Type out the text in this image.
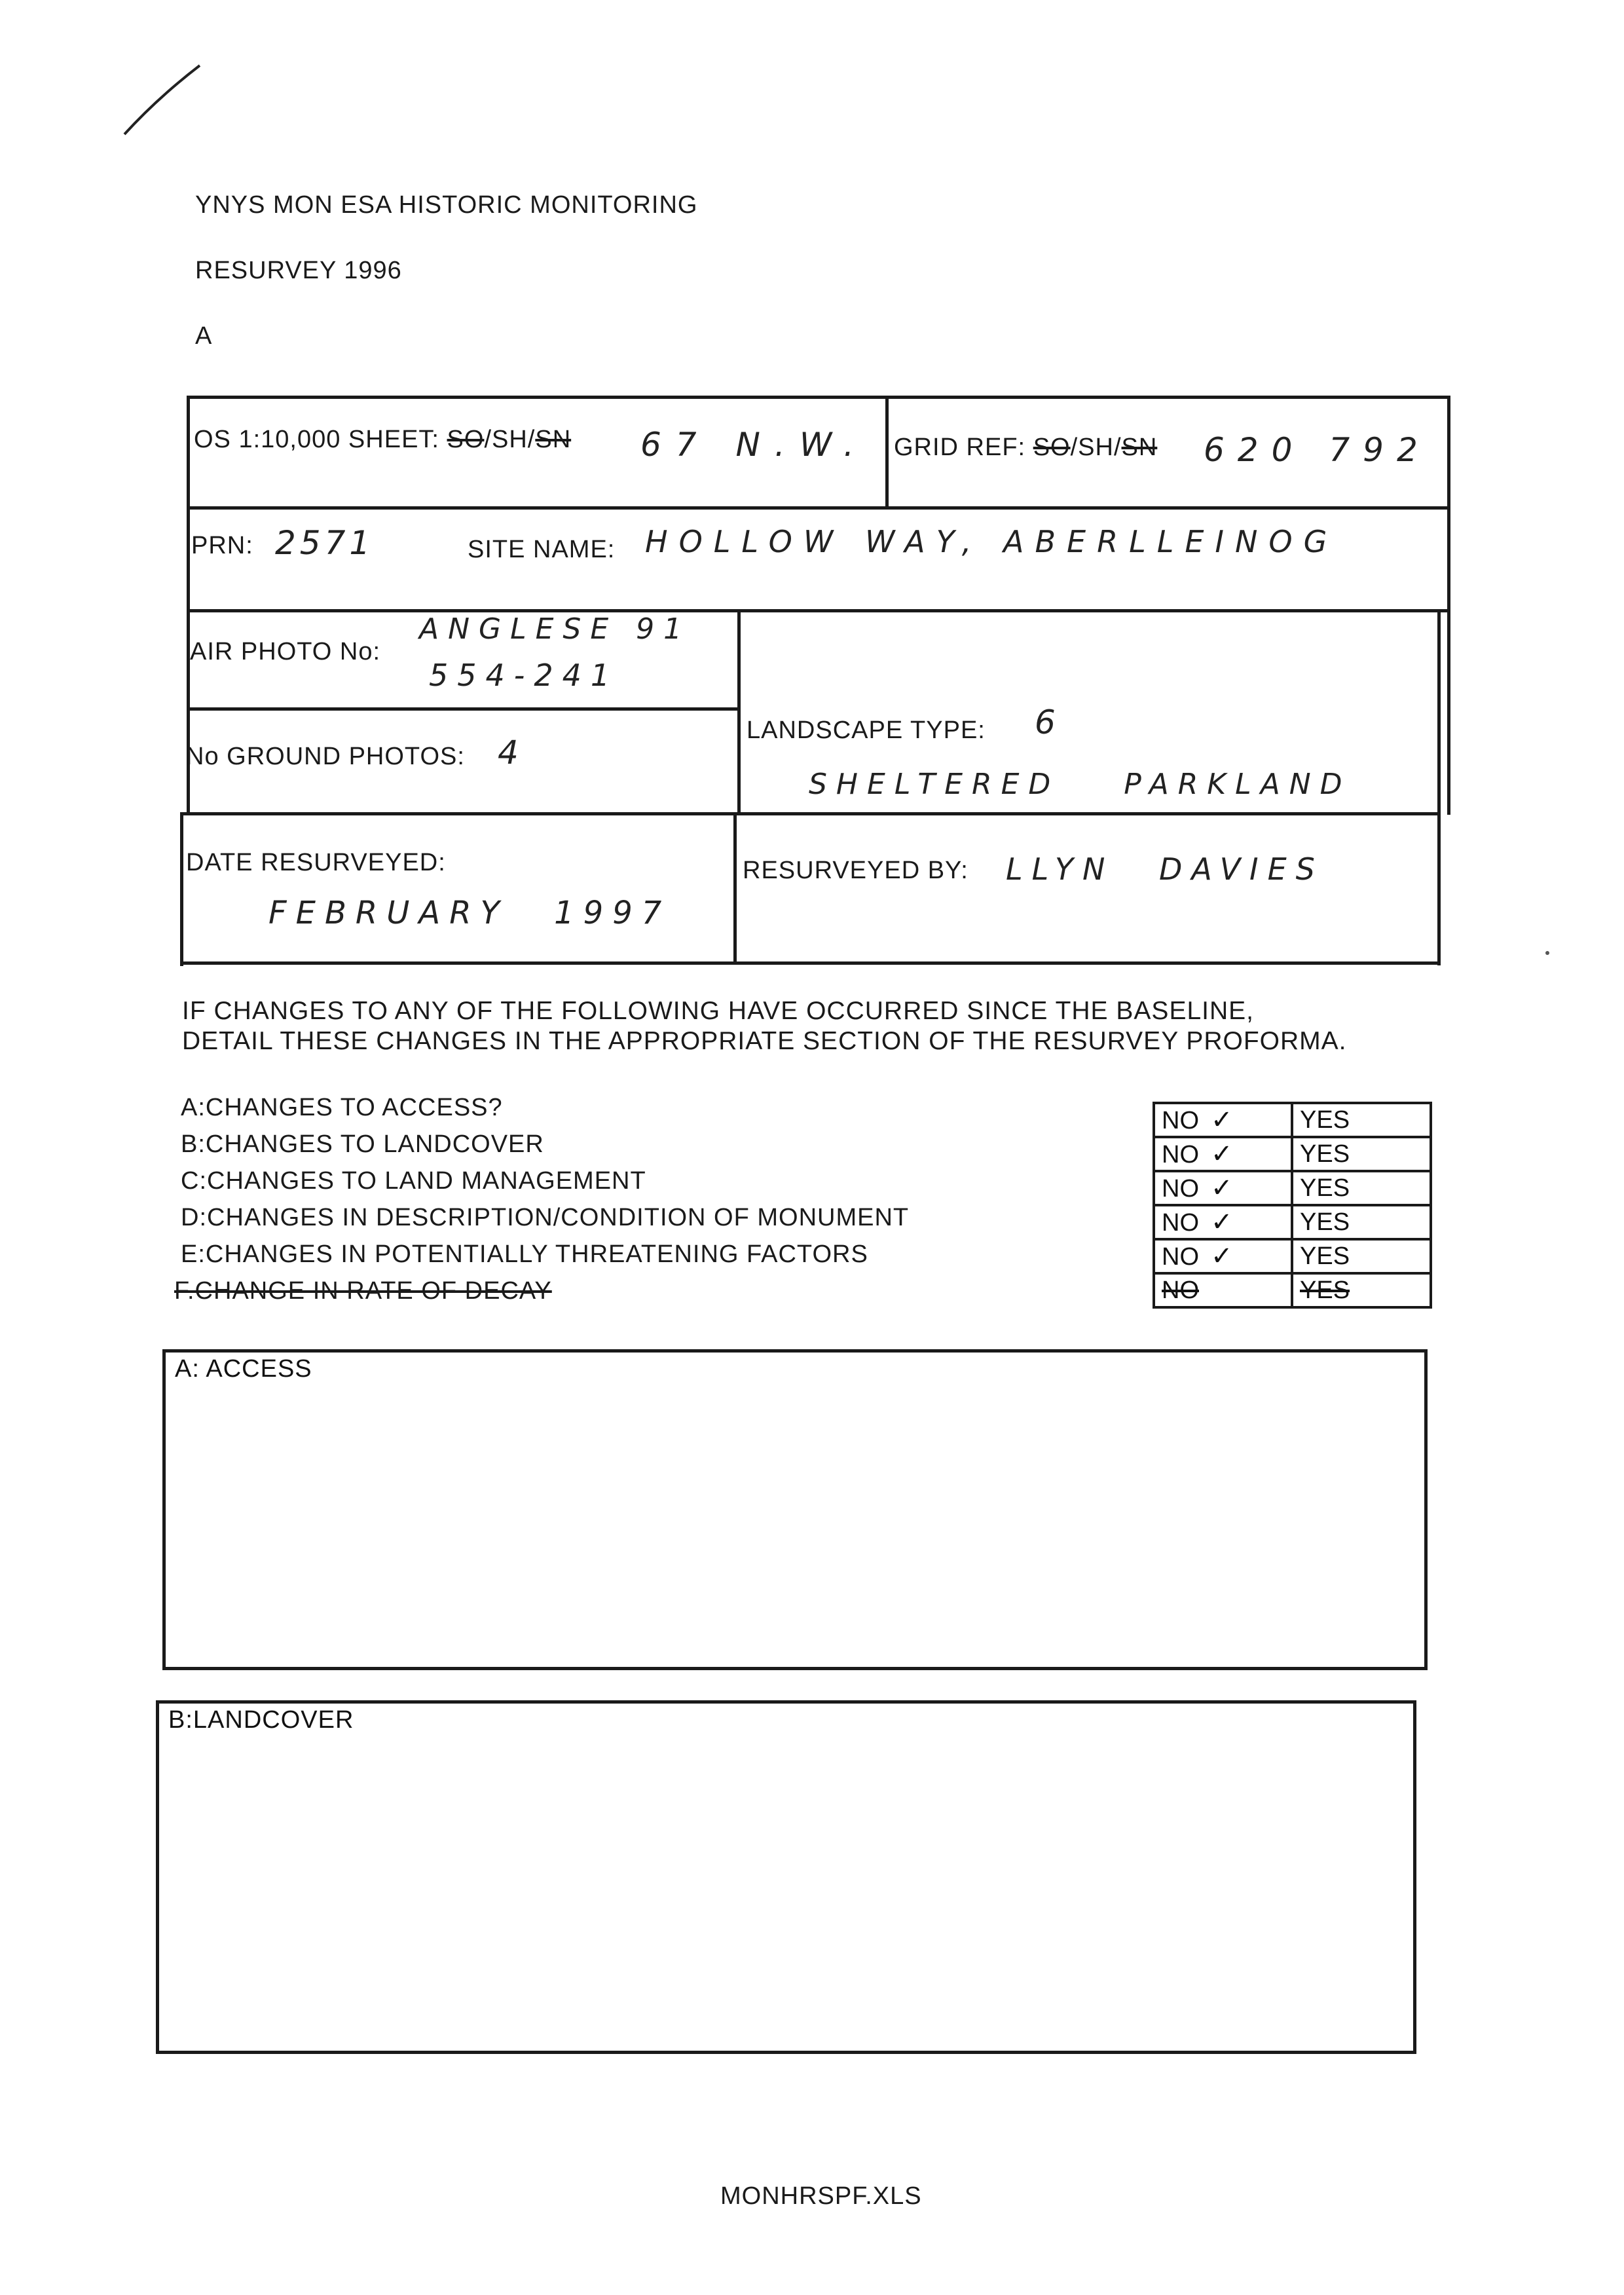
YNYS MON ESA HISTORIC MONITORING
RESURVEY 1996
A
OS 1:10,000 SHEET: SO/SH/SN 67 N.W. GRID REF: SO/SH/SN 620 792
PRN: 2571	SITE NAME: HOLLOW WAY, ABERLLEINOG
AIR PHOTO No:
ANGLESE 91
554-241
No GROUND PHOTOS: 4
LANDSCAPE TYPE: 6
SHELTERED PARKLAND
DATE RESURVEYED:
FEBRUARY 1997
RESURVEYED BY: LLYN DAVIES
IF CHANGES TO ANY OF THE FOLLOWING HAVE OCCURRED SINCE THE BASELINE,
DETAIL THESE CHANGES IN THE APPROPRIATE SECTION OF THE RESURVEY PROFORMA.
A:CHANGES TO ACCESS?
B:CHANGES TO LANDCOVER
C:CHANGES TO LAND MANAGEMENT
D:CHANGES IN DESCRIPTION/CONDITION OF MONUMENT
E:CHANGES IN POTENTIALLY THREATENING FACTORS
F.CHANGE IN RATE OF DECAY
NO ✓	YES
NO ✓	YES
NO ✓	YES
NO ✓	YES
NO ✓	YES
NO	YES
A: ACCESS
B:LANDCOVER
MONHRSPF.XLS
